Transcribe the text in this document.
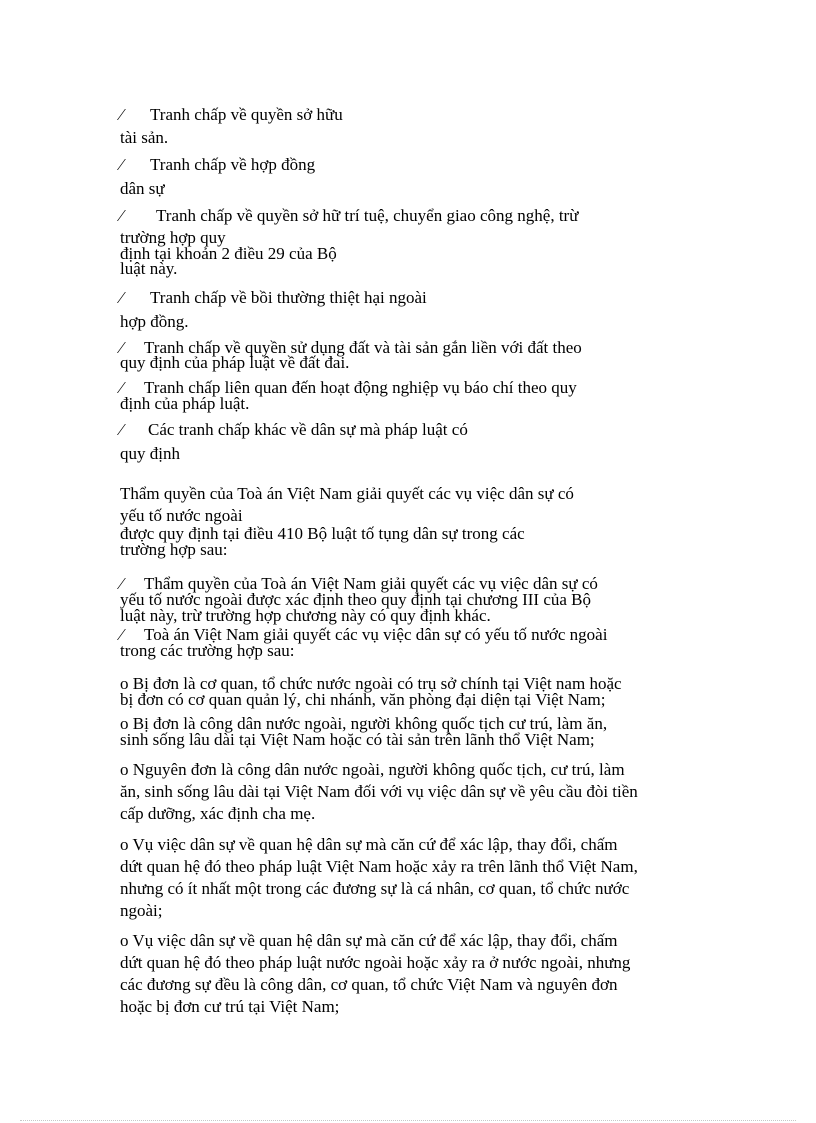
⁄ Tranh chấp về quyền sở hữu
tài sản.
⁄ Tranh chấp về hợp đồng
dân sự
⁄ Tranh chấp về quyền sở hữ trí tuệ, chuyển giao công nghệ, trừ
trường hợp quy
định tại khoản 2 điều 29 của Bộ
luật này.
⁄ Tranh chấp về bồi thường thiệt hại ngoài
hợp đồng.
⁄ Tranh chấp về quyền sử dụng đất và tài sản gắn liền với đất theo
quy định của pháp luật về đất đai.
⁄ Tranh chấp liên quan đến hoạt động nghiệp vụ báo chí theo quy
định của pháp luật.
⁄ Các tranh chấp khác về dân sự mà pháp luật có
quy định
Thẩm quyền của Toà án Việt Nam giải quyết các vụ việc dân sự có
yếu tố nước ngoài
được quy định tại điều 410 Bộ luật tố tụng dân sự trong các
trường hợp sau:
⁄ Thẩm quyền của Toà án Việt Nam giải quyết các vụ việc dân sự có
yếu tố nước ngoài được xác định theo quy định tại chương III của Bộ
luật này, trừ trường hợp chương này có quy định khác.
⁄ Toà án Việt Nam giải quyết các vụ việc dân sự có yếu tố nước ngoài
trong các trường hợp sau:
o Bị đơn là cơ quan, tổ chức nước ngoài có trụ sở chính tại Việt nam hoặc
bị đơn có cơ quan quản lý, chi nhánh, văn phòng đại diện tại Việt Nam;
o Bị đơn là công dân nước ngoài, người không quốc tịch cư trú, làm ăn,
sinh sống lâu dài tại Việt Nam hoặc có tài sản trên lãnh thổ Việt Nam;
o Nguyên đơn là công dân nước ngoài, người không quốc tịch, cư trú, làm
ăn, sinh sống lâu dài tại Việt Nam đối với vụ việc dân sự về yêu cầu đòi tiền
cấp dưỡng, xác định cha mẹ.
o Vụ việc dân sự về quan hệ dân sự mà căn cứ để xác lập, thay đổi, chấm
dứt quan hệ đó theo pháp luật Việt Nam hoặc xảy ra trên lãnh thổ Việt Nam,
nhưng có ít nhất một trong các đương sự là cá nhân, cơ quan, tổ chức nước
ngoài;
o Vụ việc dân sự về quan hệ dân sự mà căn cứ để xác lập, thay đổi, chấm
dứt quan hệ đó theo pháp luật nước ngoài hoặc xảy ra ở nước ngoài, nhưng
các đương sự đều là công dân, cơ quan, tổ chức Việt Nam và nguyên đơn
hoặc bị đơn cư trú tại Việt Nam;
